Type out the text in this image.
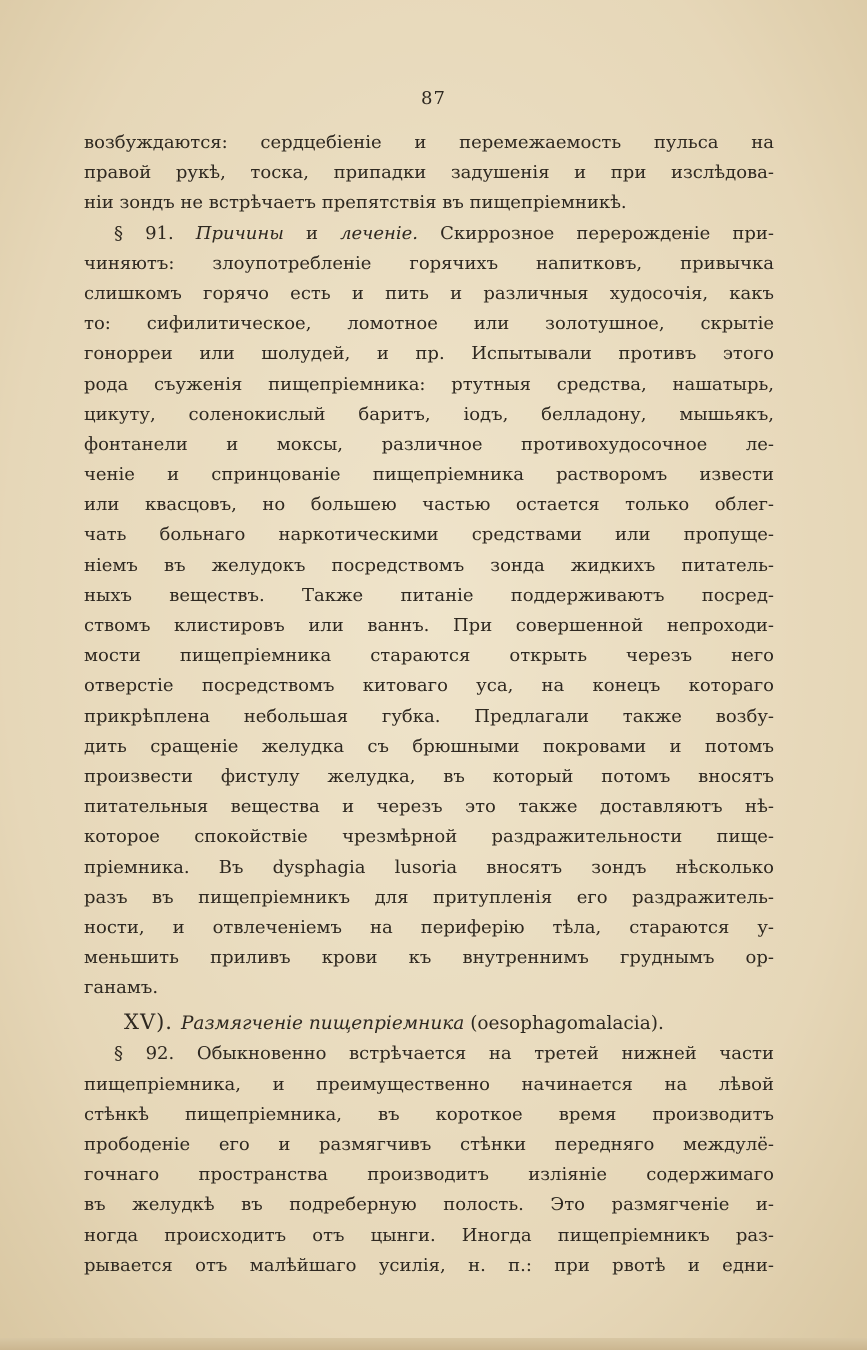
87
возбуждаются: сердцебіеніе и перемежаемость пульса на
правой рукѣ, тоска, припадки задушенія и при изслѣдова-
ніи зондъ не встрѣчаетъ препятствія въ пищепріемникѣ.
§ 91. Причины и леченіе. Скиррозное перерожденіе при-
чиняютъ: злоупотребленіе горячихъ напитковъ, привычка
слишкомъ горячо есть и пить и различныя худосочія, какъ
то: сифилитическое, ломотное или золотушное, скрытіе
гонорреи или шолудей, и пр. Испытывали противъ этого
рода съуженія пищепріемника: ртутныя средства, нашатырь,
цикуту, соленокислый баритъ, іодъ, белладону, мышьякъ,
фонтанели и моксы, различное противохудосочное ле-
ченіе и спринцованіе пищепріемника растворомъ извести
или квасцовъ, но большею частью остается только облег-
чать больнаго наркотическими средствами или пропуще-
ніемъ въ желудокъ посредствомъ зонда жидкихъ питатель-
ныхъ веществъ. Также питаніе поддерживаютъ посред-
ствомъ клистировъ или ваннъ. При совершенной непроходи-
мости пищепріемника стараются открыть черезъ него
отверстіе посредствомъ китоваго уса, на конецъ котораго
прикрѣплена небольшая губка. Предлагали также возбу-
дить сращеніе желудка съ брюшными покровами и потомъ
произвести фистулу желудка, въ который потомъ вносятъ
питательныя вещества и черезъ это также доставляютъ нѣ-
которое спокойствіе чрезмѣрной раздражительности пище-
пріемника. Въ dysphagia lusoria вносятъ зондъ нѣсколько
разъ въ пищепріемникъ для притупленія его раздражитель-
ности, и отвлеченіемъ на периферію тѣла, стараются у-
меньшить приливъ крови къ внутреннимъ груднымъ ор-
ганамъ.
XV). Размягченіе пищепріемника (oesophagomalacia).
§ 92. Обыкновенно встрѣчается на третей нижней части
пищепріемника, и преимущественно начинается на лѣвой
стѣнкѣ пищепріемника, въ короткое время производитъ
прободеніе его и размягчивъ стѣнки передняго междулё-
гочнаго пространства производитъ изліяніе содержимаго
въ желудкѣ въ подреберную полость. Это размягченіе и-
ногда происходитъ отъ цынги. Иногда пищепріемникъ раз-
рывается отъ малѣйшаго усилія, н. п.: при рвотѣ и едни-
